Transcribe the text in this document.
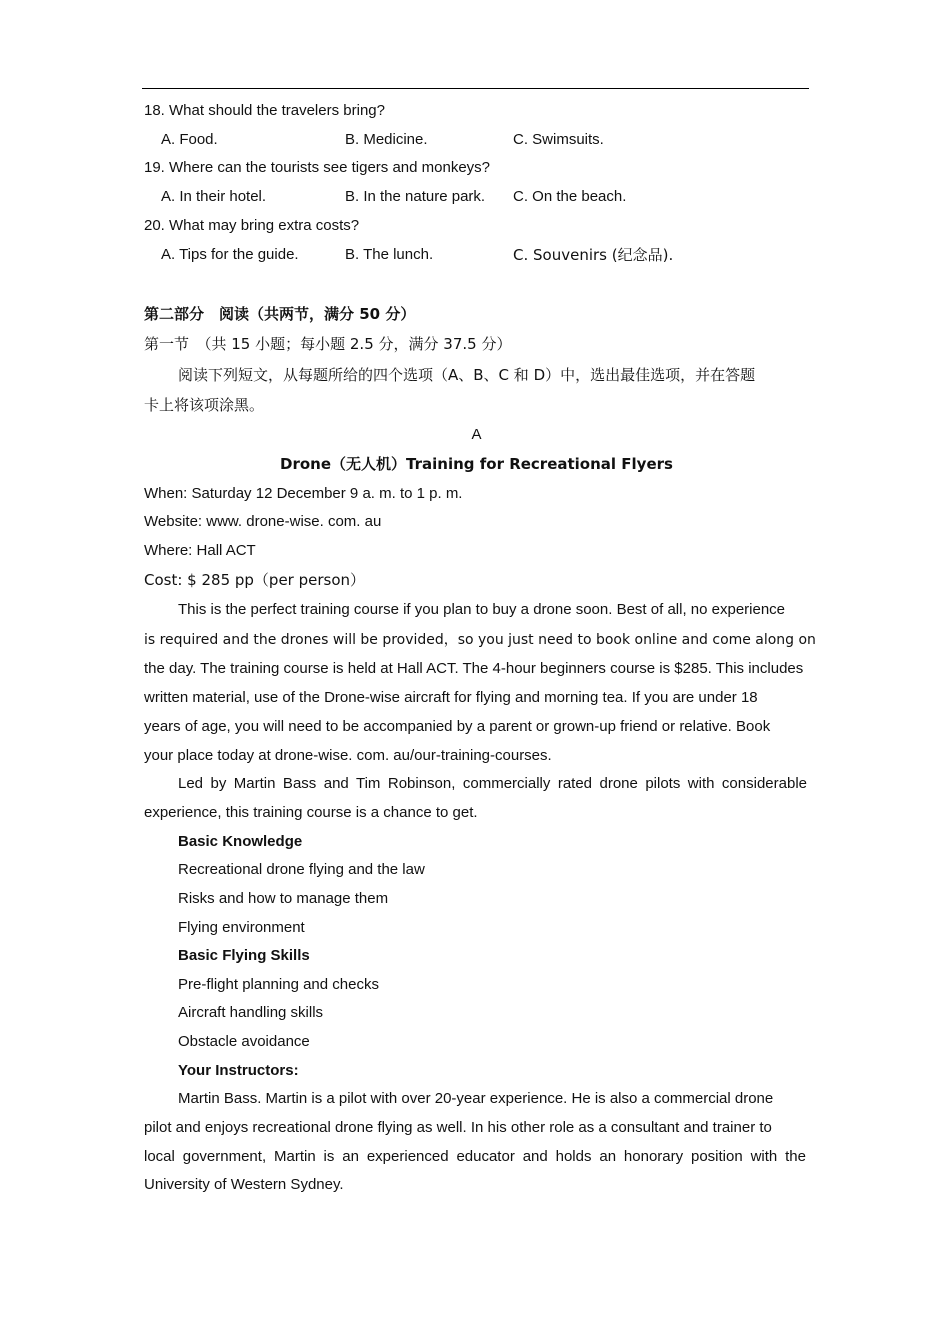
18. What should the travelers bring?
A. Food.	B. Medicine.	C. Swimsuits.
19. Where can the tourists see tigers and monkeys?
A. In their hotel.	B. In the nature park. C. On the beach.
20. What may bring extra costs?
A. Tips for the guide.	B. The lunch.	C. Souvenirs (纪念品).
第二部分　阅读（共两节，满分 50 分）
第一节　（共 15 小题；每小题 2.5 分，满分 37.5 分）
阅读下列短文，从每题所给的四个选项（A、B、C 和 D）中，选出最佳选项，并在答题
卡上将该项涂黑。
A
Drone（无人机）Training for Recreational Flyers
When: Saturday 12 December 9 a. m. to 1 p. m.
Website: www. drone-wise. com. au
Where: Hall ACT
Cost: $ 285 pp（per person）
This is the perfect training course if you plan to buy a drone soon. Best of all, no experience
is required and the drones will be provided，so you just need to book online and come along on
the day. The training course is held at Hall ACT. The 4-hour beginners course is $285. This includes
written material, use of the Drone-wise aircraft for flying and morning tea. If you are under 18
years of age, you will need to be accompanied by a parent or grown-up friend or relative. Book
your place today at drone-wise. com. au/our-training-courses.
Led by Martin Bass and Tim Robinson, commercially rated drone pilots with considerable
experience, this training course is a chance to get.
Basic Knowledge
Recreational drone flying and the law
Risks and how to manage them
Flying environment
Basic Flying Skills
Pre-flight planning and checks
Aircraft handling skills
Obstacle avoidance
Your Instructors:
Martin Bass. Martin is a pilot with over 20-year experience. He is also a commercial drone
pilot and enjoys recreational drone flying as well. In his other role as a consultant and trainer to
local government, Martin is an experienced educator and holds an honorary position with the
University of Western Sydney.
